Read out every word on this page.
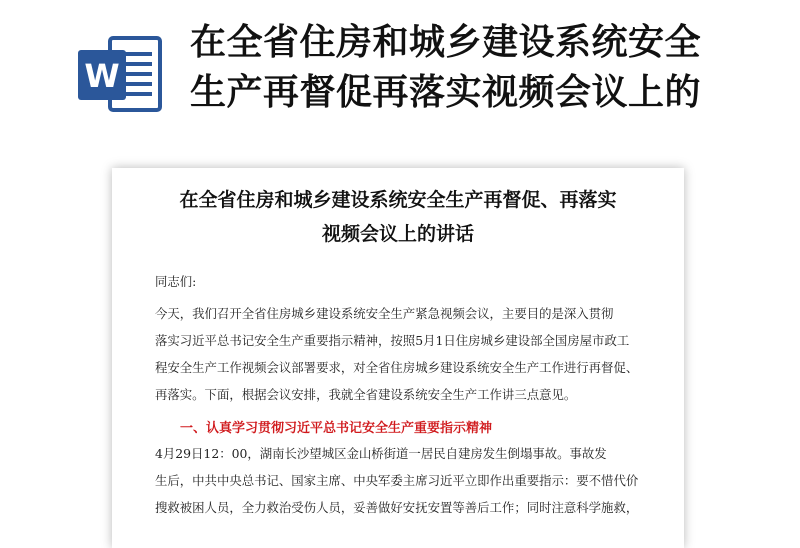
W
在全省住房和城乡建设系统安全
生产再督促再落实视频会议上的
在全省住房和城乡建设系统安全生产再督促、再落实
视频会议上的讲话

同志们:

今天，我们召开全省住房城乡建设系统安全生产紧急视频会议，主要目的是深入贯彻
落实习近平总书记安全生产重要指示精神，按照5月1日住房城乡建设部全国房屋市政工
程安全生产工作视频会议部署要求，对全省住房城乡建设系统安全生产工作进行再督促、
再落实。下面，根据会议安排，我就全省建设系统安全生产工作讲三点意见。

一、认真学习贯彻习近平总书记安全生产重要指示精神

4月29日12：00，湖南长沙望城区金山桥街道一居民自建房发生倒塌事故。事故发
生后，中共中央总书记、国家主席、中央军委主席习近平立即作出重要指示：要不惜代价
搜救被困人员，全力救治受伤人员，妥善做好安抚安置等善后工作；同时注意科学施救，
